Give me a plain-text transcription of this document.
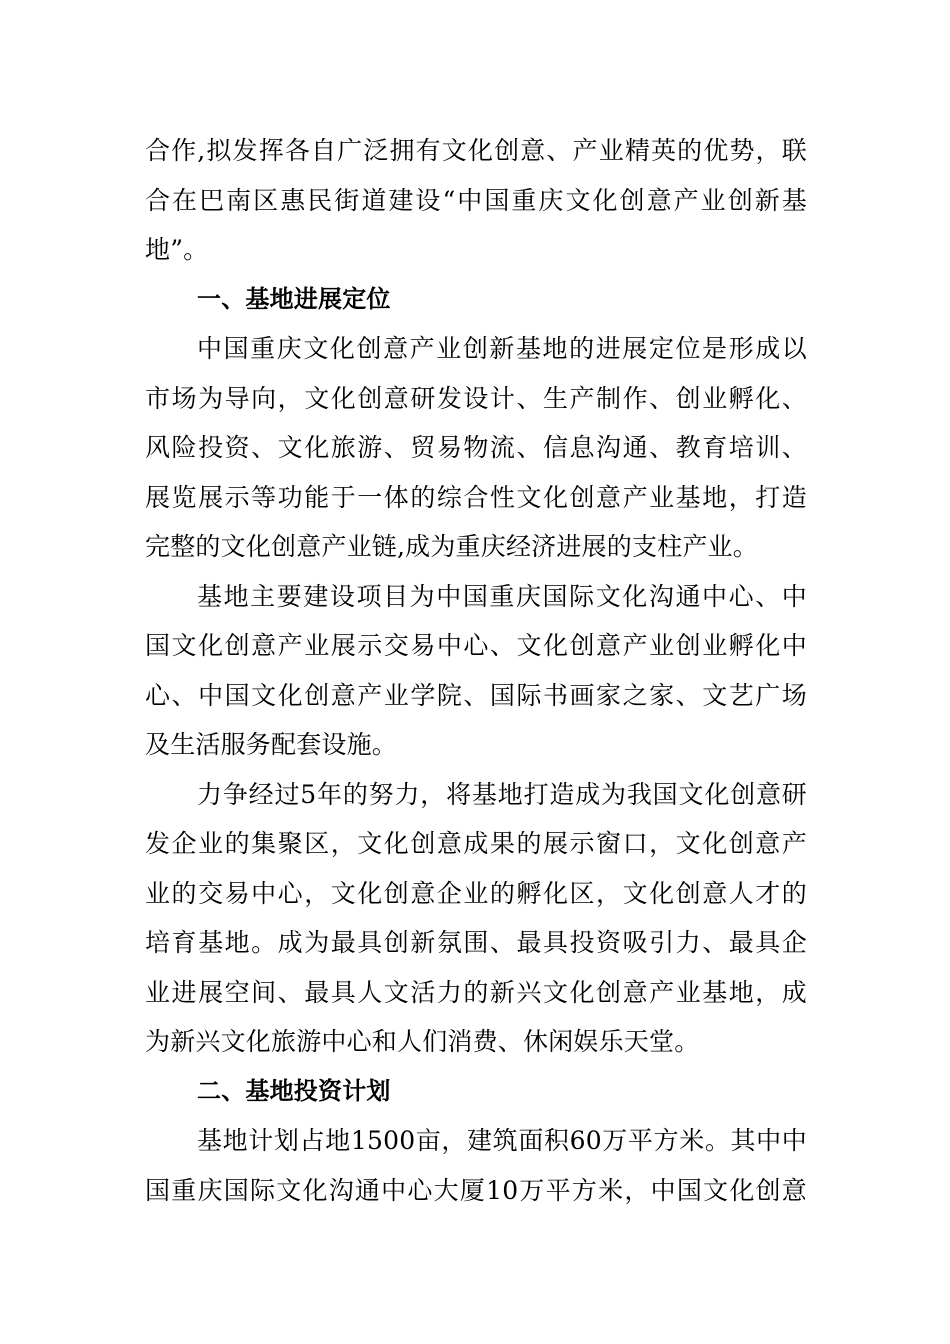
合作,拟发挥各自广泛拥有文化创意、产业精英的优势，联
合在巴南区惠民街道建设“中国重庆文化创意产业创新基
地”。
一、基地进展定位
中国重庆文化创意产业创新基地的进展定位是形成以
市场为导向，文化创意研发设计、生产制作、创业孵化、
风险投资、文化旅游、贸易物流、信息沟通、教育培训、
展览展示等功能于一体的综合性文化创意产业基地，打造
完整的文化创意产业链,成为重庆经济进展的支柱产业。
基地主要建设项目为中国重庆国际文化沟通中心、中
国文化创意产业展示交易中心、文化创意产业创业孵化中
心、中国文化创意产业学院、国际书画家之家、文艺广场
及生活服务配套设施。
力争经过5年的努力，将基地打造成为我国文化创意研
发企业的集聚区，文化创意成果的展示窗口，文化创意产
业的交易中心，文化创意企业的孵化区，文化创意人才的
培育基地。成为最具创新氛围、最具投资吸引力、最具企
业进展空间、最具人文活力的新兴文化创意产业基地，成
为新兴文化旅游中心和人们消费、休闲娱乐天堂。
二、基地投资计划
基地计划占地1500亩，建筑面积60万平方米。其中中
国重庆国际文化沟通中心大厦10万平方米，中国文化创意
